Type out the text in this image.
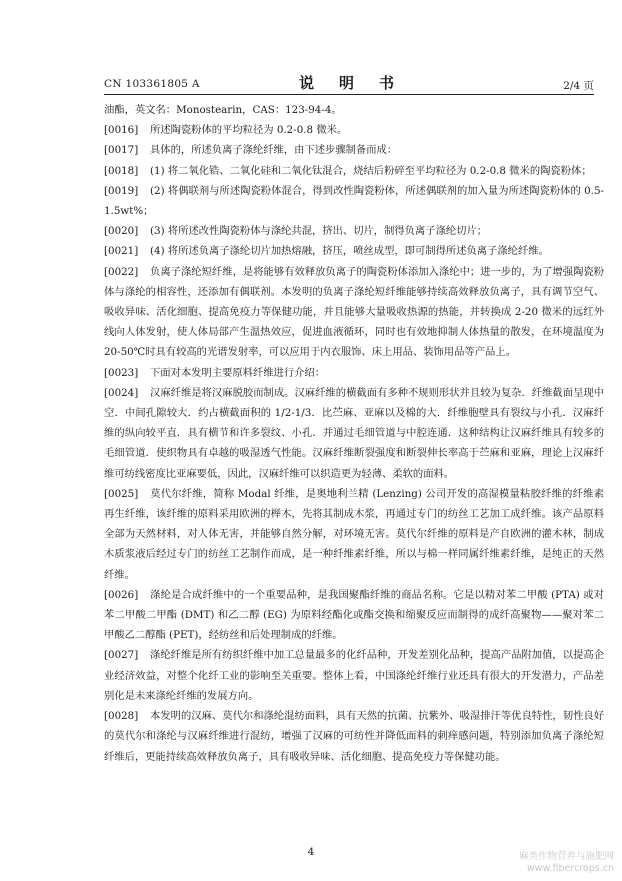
CN 103361805 A	说　明　书	2/4 页
油酯，英文名：Monostearin，CAS：123-94-4。
[0016] 所述陶瓷粉体的平均粒径为 0.2-0.8 微米。
[0017] 具体的，所述负离子涤纶纤维，由下述步骤制备而成：
[0018] (1) 将二氧化锆、二氧化硅和二氧化钛混合，烧结后粉碎至平均粒径为 0.2-0.8 微米的陶瓷粉体；
[0019] (2) 将偶联剂与所述陶瓷粉体混合，得到改性陶瓷粉体，所述偶联剂的加入量为所述陶瓷粉体的 0.5-1.5wt%；
[0020] (3) 将所述改性陶瓷粉体与涤纶共混，挤出、切片，制得负离子涤纶切片；
[0021] (4) 将所述负离子涤纶切片加热熔融，挤压，喷丝成型，即可制得所述负离子涤纶纤维。
[0022] 负离子涤纶短纤维，是将能够有效释放负离子的陶瓷粉体添加入涤纶中；进一步的，为了增强陶瓷粉体与涤纶的相容性，还添加有偶联剂。本发明的负离子涤纶短纤维能够持续高效释放负离子，具有调节空气、吸收异味、活化细胞、提高免疫力等保健功能，并且能够大量吸收热源的热能，并转换成 2-20 微米的远红外线向人体发射，使人体局部产生温热效应，促进血液循环，同时也有效地抑制人体热量的散发，在环境温度为 20-50℃时具有较高的光谱发射率，可以应用于内衣服饰、床上用品、装饰用品等产品上。
[0023] 下面对本发明主要原料纤维进行介绍：
[0024] 汉麻纤维是将汉麻脱胶而制成。汉麻纤维的横截面有多种不规则形状并且较为复杂．纤维截面呈现中空．中间孔隙较大．约占横截面积的 1/2-1/3．比苎麻、亚麻以及棉的大．纤维胞壁具有裂纹与小孔．汉麻纤维的纵向较平直．具有横节和许多裂纹、小孔．并通过毛细管道与中腔连通．这种结构让汉麻纤维具有较多的毛细管道．使织物具有卓越的吸湿透气性能。汉麻纤维断裂强度和断裂伸长率高于苎麻和亚麻，理论上汉麻纤维可纺线密度比亚麻要低，因此，汉麻纤维可以织造更为轻薄、柔软的面料。
[0025] 莫代尔纤维，简称 Modal 纤维，是奥地利兰精 (Lenzing) 公司开发的高湿模量粘胶纤维的纤维素再生纤维，该纤维的原料采用欧洲的榉木，先将其制成木浆，再通过专门的纺丝工艺加工成纤维。该产品原料全部为天然材料，对人体无害，并能够自然分解，对环境无害。莫代尔纤维的原料是产自欧洲的灌木林，制成木质浆液后经过专门的纺丝工艺制作而成，是一种纤维素纤维，所以与棉一样同属纤维素纤维，是纯正的天然纤维。
[0026] 涤纶是合成纤维中的一个重要品种，是我国聚酯纤维的商品名称。它是以精对苯二甲酸 (PTA) 或对苯二甲酸二甲酯 (DMT) 和乙二醇 (EG) 为原料经酯化或酯交换和缩聚反应而制得的成纤高聚物——聚对苯二甲酸乙二醇酯 (PET)，经纺丝和后处理制成的纤维。
[0027] 涤纶纤维是所有纺织纤维中加工总量最多的化纤品种，开发差别化品种，提高产品附加值，以提高企业经济效益，对整个化纤工业的影响至关重要。整体上看，中国涤纶纤维行业还具有很大的开发潜力，产品差别化是未来涤纶纤维的发展方向。
[0028] 本发明的汉麻、莫代尔和涤纶混纺面料，具有天然的抗菌、抗紫外、吸湿排汗等优良特性，韧性良好的莫代尔和涤纶与汉麻纤维进行混纺，增强了汉麻的可纺性并降低面料的刺痒感问题，特别添加负离子涤纶短纤维后，更能持续高效释放负离子，具有吸收异味、活化细胞、提高免疫力等保健功能。
4	麻类作物营养与施肥网
www.fibercrops.cn
